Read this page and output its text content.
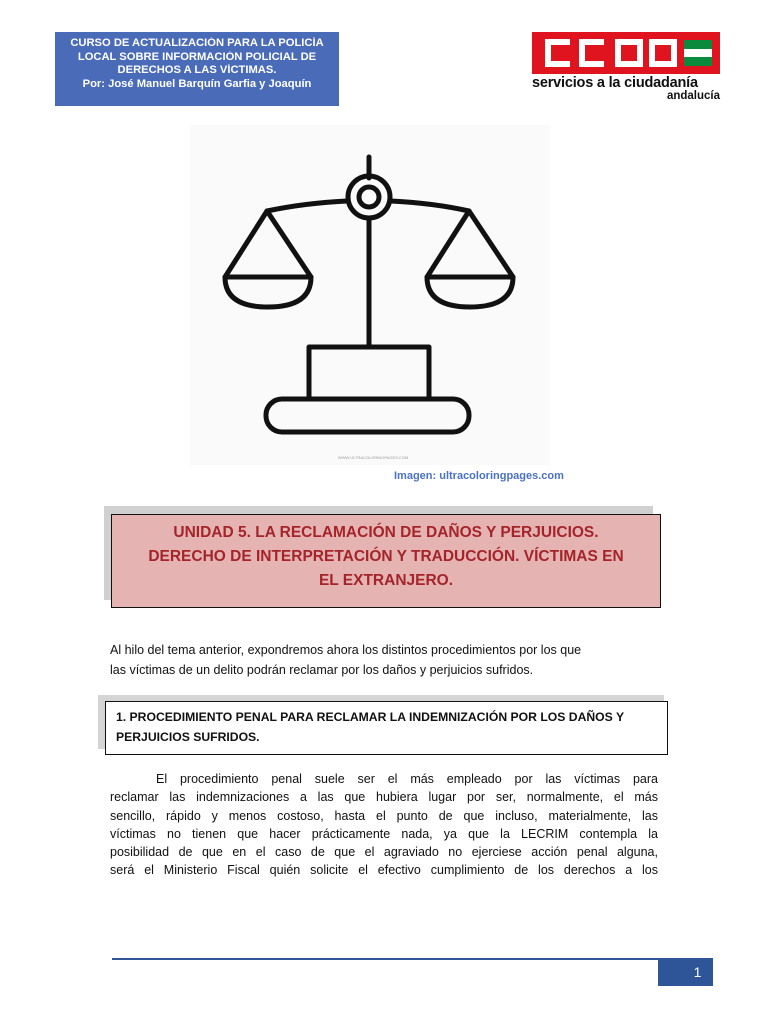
CURSO DE ACTUALIZACIÓN PARA LA POLICÍA
LOCAL SOBRE INFORMACIÓN POLICIAL DE
DERECHOS A LAS VÍCTIMAS.
Por: José Manuel Barquín Garfia y Joaquín	servicios a la ciudadanía
andalucía
WWW.ULTRACOLORINGPAGES.COM
Imagen: ultracoloringpages.com
UNIDAD 5. LA RECLAMACIÓN DE DAÑOS Y PERJUICIOS.
DERECHO DE INTERPRETACIÓN Y TRADUCCIÓN. VÍCTIMAS EN
EL EXTRANJERO.
Al hilo del tema anterior, expondremos ahora los distintos procedimientos por los que
las víctimas de un delito podrán reclamar por los daños y perjuicios sufridos.
1. PROCEDIMIENTO PENAL PARA RECLAMAR LA INDEMNIZACIÓN POR LOS DAÑOS Y
PERJUICIOS SUFRIDOS.
El procedimiento penal suele ser el más empleado por las víctimas para
reclamar las indemnizaciones a las que hubiera lugar por ser, normalmente, el más
sencillo, rápido y menos costoso, hasta el punto de que incluso, materialmente, las
víctimas no tienen que hacer prácticamente nada, ya que la LECRIM contempla la
posibilidad de que en el caso de que el agraviado no ejerciese acción penal alguna,
será el Ministerio Fiscal quién solicite el efectivo cumplimiento de los derechos a los
1
